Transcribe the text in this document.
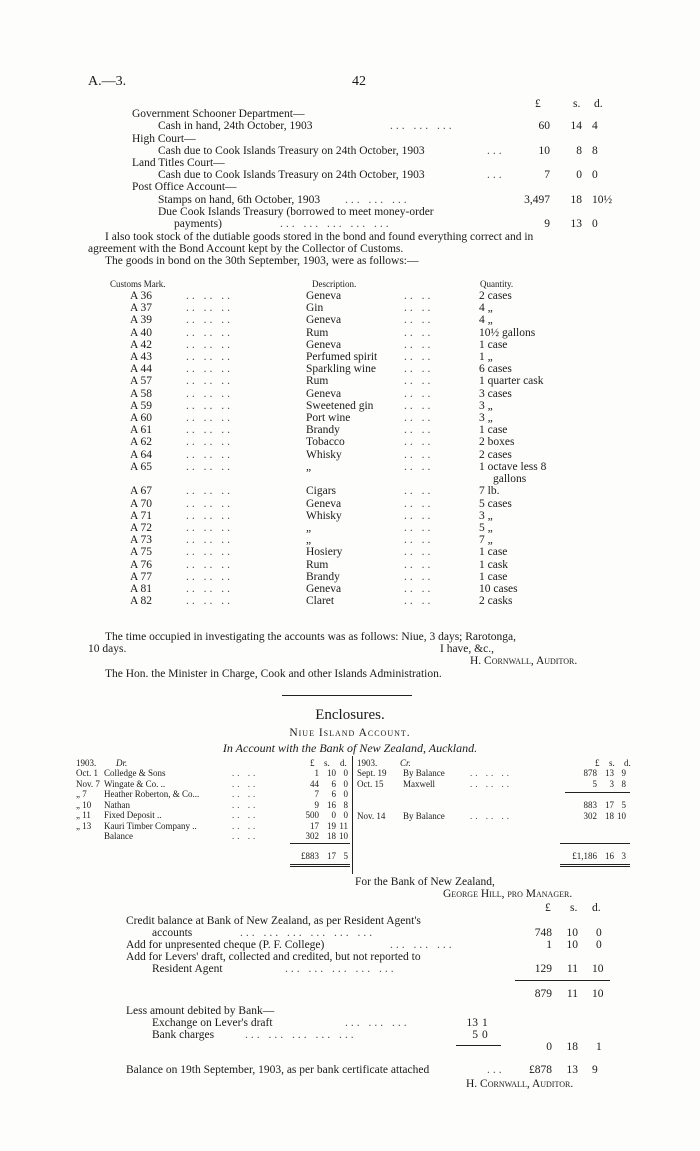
A.—3.	42
£	s. d.
Government Schooner Department—
Cash in hand, 24th October, 1903	... ... ...	60	14 4
High Court—
Cash due to Cook Islands Treasury on 24th October, 1903	...	10	8 8
Land Titles Court—
Cash due to Cook Islands Treasury on 24th October, 1903	...	7	0 0
Post Office Account—
Stamps on hand, 6th October, 1903 ... ... ...	3,497	18 10½
Due Cook Islands Treasury (borrowed to meet money-order
payments)	... ... ... ... ...	9	13 0
I also took stock of the dutiable goods stored in the bond and found everything correct and in
agreement with the Bond Account kept by the Collector of Customs.
The goods in bond on the 30th September, 1903, were as follows:—
Customs Mark.	Description.	Quantity.
A 36	.. .. ..	Geneva	.. ..	2 cases
A 37	.. .. ..	Gin	.. ..	4 „
A 39	.. .. ..	Geneva	.. ..	4 „
A 40	.. .. ..	Rum	.. ..	10½ gallons
A 42	.. .. ..	Geneva	.. ..	1 case
A 43	.. .. ..	Perfumed spirit .. ..	1 „
A 44	.. .. ..	Sparkling wine .. ..	6 cases
A 57	.. .. ..	Rum	.. ..	1 quarter cask
A 58	.. .. ..	Geneva	.. ..	3 cases
A 59	.. .. ..	Sweetened gin	.. ..	3 „
A 60	.. .. ..	Port wine	.. ..	3 „
A 61	.. .. ..	Brandy	.. ..	1 case
A 62	.. .. ..	Tobacco	.. ..	2 boxes
A 64	.. .. ..	Whisky	.. ..	2 cases
A 65	.. .. ..	„	.. ..	1 octave less 8
gallons
A 67	.. .. ..	Cigars	.. ..	7 lb.
A 70	.. .. ..	Geneva	.. ..	5 cases
A 71	.. .. ..	Whisky	.. ..	3 „
A 72	.. .. ..	„	.. ..	5 „
A 73	.. .. ..	„	.. ..	7 „
A 75	.. .. ..	Hosiery	.. ..	1 case
A 76	.. .. ..	Rum	.. ..	1 cask
A 77	.. .. ..	Brandy	.. ..	1 case
A 81	.. .. ..	Geneva	.. ..	10 cases
A 82	.. .. ..	Claret	.. ..	2 casks
The time occupied in investigating the accounts was as follows: Niue, 3 days; Rarotonga,
10 days.	I have, &c.,
H. Cornwall, Auditor.
The Hon. the Minister in Charge, Cook and other Islands Administration.
Enclosures.
Niue Island Account.
In Account with the Bank of New Zealand, Auckland.
1903. Dr.	£ s. d. 1903.	Cr.	£ s. d.
Oct. 1 Colledge & Sons	.. ..	1 10 0
Nov. 7 Wingate & Co. ..	.. ..	44	6 0
„ 7 Heather Roberton, & Co...	.. ..	7	6 0
„ 10 Nathan	.. ..	9 16 8
„ 11 Fixed Deposit ..	.. ..	500	0 0
„ 13 Kauri Timber Company ..	.. ..	17 19 11
Balance	.. ..	302 18 10
£883 17 5
Sept. 19 By Balance	.. .. ..	878 13 9
Oct. 15 Maxwell	.. .. ..	5	3 8
883 17 5
Nov. 14 By Balance	.. .. ..	302 18 10
£1,186 16 3
For the Bank of New Zealand,
George Hill, pro Manager.
£ s. d.
Credit balance at Bank of New Zealand, as per Resident Agent's
accounts	... ... ... ... ... ...	748	10 0
Add for unpresented cheque (P. F. College)	... ... ...	1	10 0
Add for Levers' draft, collected and credited, but not reported to
Resident Agent	... ... ... ... ...	129	11 10
879	11 10
Less amount debited by Bank—
Exchange on Lever's draft	... ... ...	13 1
Bank charges	... ... ... ... ...	5 0
0	18 1
Balance on 19th September, 1903, as per bank certificate attached	...	£878	13 9
H. Cornwall, Auditor.
